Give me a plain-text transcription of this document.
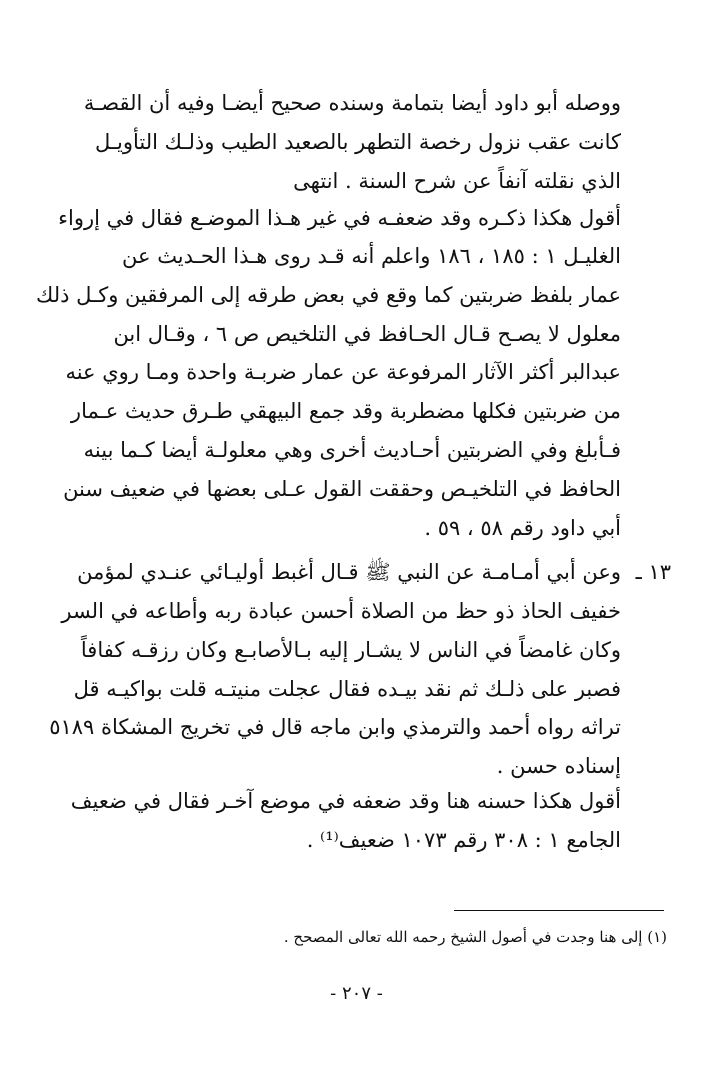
ووصله أبو داود أيضا بتمامة وسنده صحيح أيضـا وفيه أن القصـة
كانت عقب نزول رخصة التطهر بالصعيد الطيب وذلـك التأويـل
الذي نقلته آنفاً عن شرح السنة . انتهى
أقول هكذا ذكـره وقد ضعفـه في غير هـذا الموضـع فقال في إرواء
الغليـل ١ : ١٨٥ ، ١٨٦ واعلم أنه قـد روى هـذا الحـديث عن
عمار بلفظ ضربتين كما وقع في بعض طرقه إلى المرفقين وكـل ذلك
معلول لا يصـح قـال الحـافظ في التلخيص ص ٦ ، وقـال ابن
عبدالبر أكثر الآثار المرفوعة عن عمار ضربـة واحدة ومـا روي عنه
من ضربتين فكلها مضطربة وقد جمع البيهقي طـرق حديث عـمار
فـأبلغ وفي الضربتين أحـاديث أخرى وهي معلولـة أيضا كـما بينه
الحافظ في التلخيـص وحققت القول عـلى بعضها في ضعيف سنن
أبي داود رقم ٥٨ ، ٥٩ .
١٣ ـ
وعن أبي أمـامـة عن النبي ﷺ قـال أغبط أوليـائي عنـدي لمؤمن
خفيف الحاذ ذو حظ من الصلاة أحسن عبادة ربه وأطاعه في السر
وكان غامضاً في الناس لا يشـار إليه بـالأصابـع وكان رزقـه كفافاً
فصبر على ذلـك ثم نقد بيـده فقال عجلت منيتـه قلت بواكيـه قل
تراثه رواه أحمد والترمذي وابن ماجه قال في تخريج المشكاة ٥١٨٩
إسناده حسن .
أقول هكذا حسنه هنا وقد ضعفه في موضع آخـر فقال في ضعيف
الجامع ١ : ٣٠٨ رقم ١٠٧٣ ضعيف⁽¹⁾ .
(١) إلى هنا وجدت في أصول الشيخ رحمه الله تعالى المصحح .
- ٢٠٧ -
